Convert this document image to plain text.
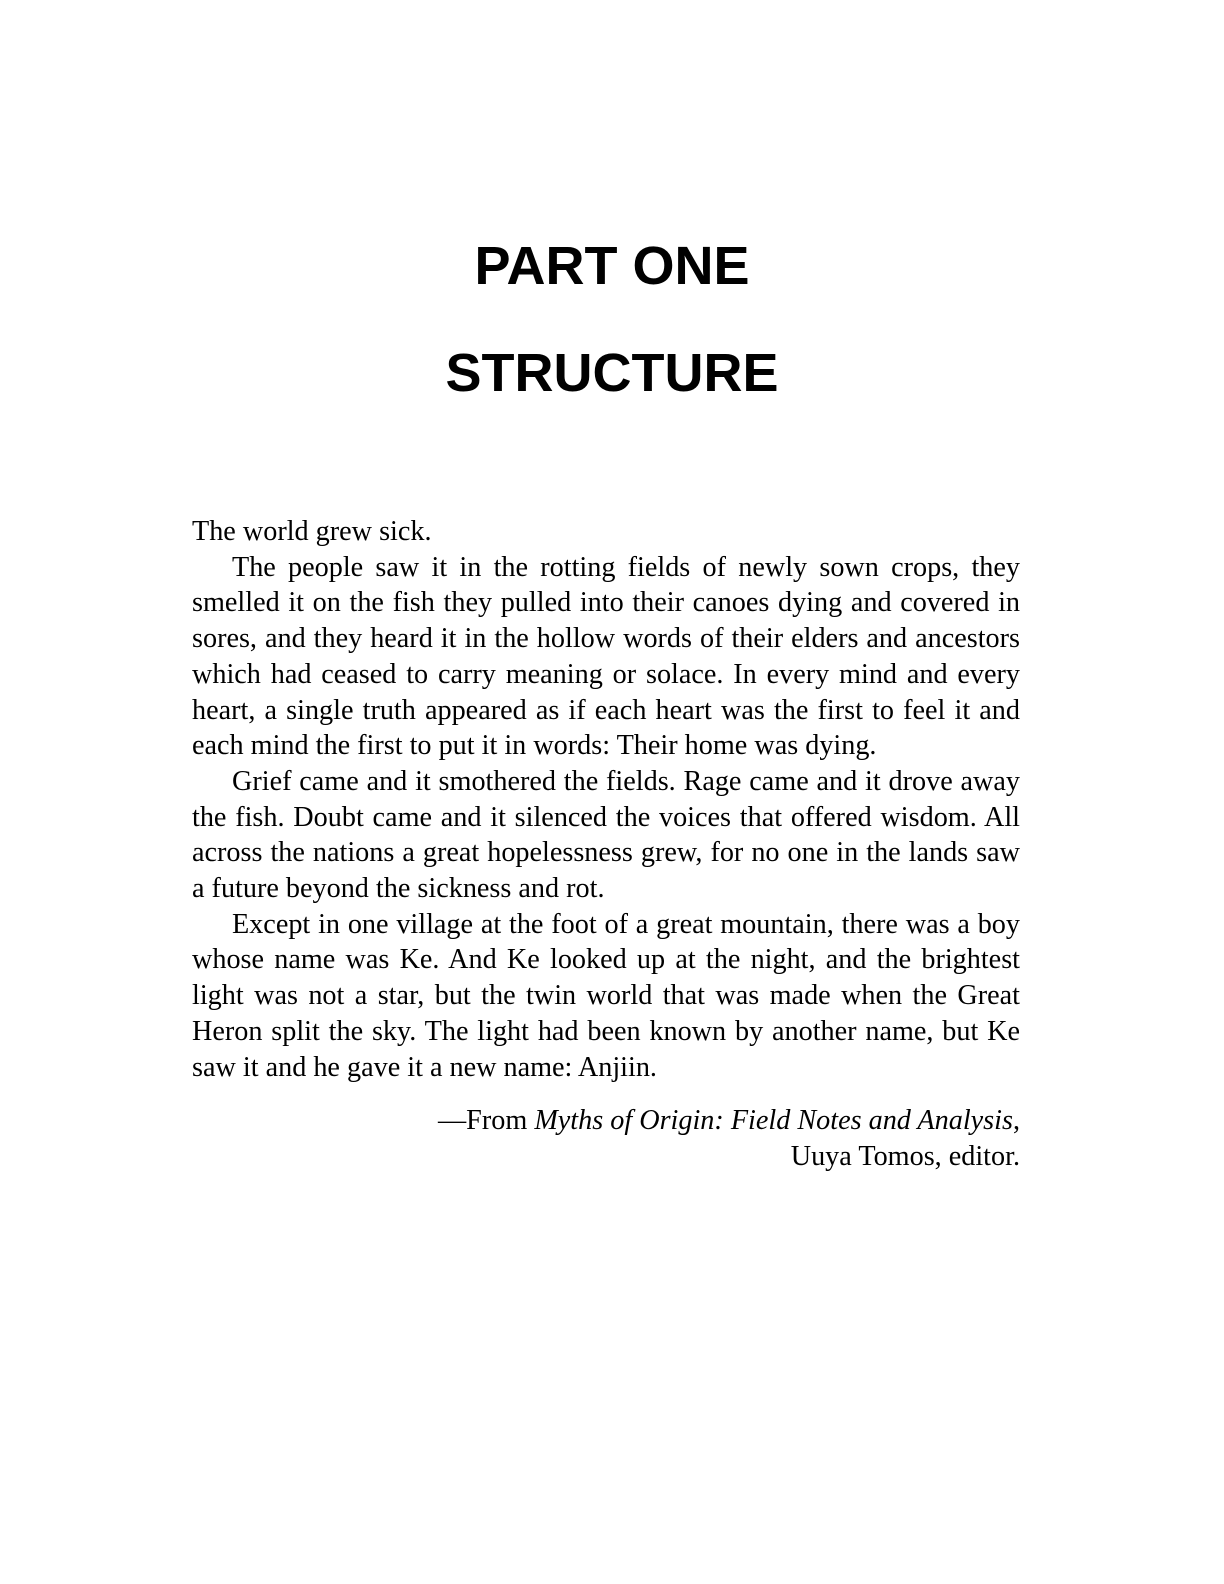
PART ONE
STRUCTURE

The world grew sick.

The people saw it in the rotting fields of newly sown crops, they smelled it on the fish they pulled into their canoes dying and covered in sores, and they heard it in the hollow words of their elders and ancestors which had ceased to carry meaning or solace. In every mind and every heart, a single truth appeared as if each heart was the first to feel it and each mind the first to put it in words: Their home was dying.

Grief came and it smothered the fields. Rage came and it drove away the fish. Doubt came and it silenced the voices that offered wisdom. All across the nations a great hopelessness grew, for no one in the lands saw a future beyond the sickness and rot.

Except in one village at the foot of a great mountain, there was a boy whose name was Ke. And Ke looked up at the night, and the brightest light was not a star, but the twin world that was made when the Great Heron split the sky. The light had been known by another name, but Ke saw it and he gave it a new name: Anjiin.

—From Myths of Origin: Field Notes and Analysis,
Uuya Tomos, editor.
